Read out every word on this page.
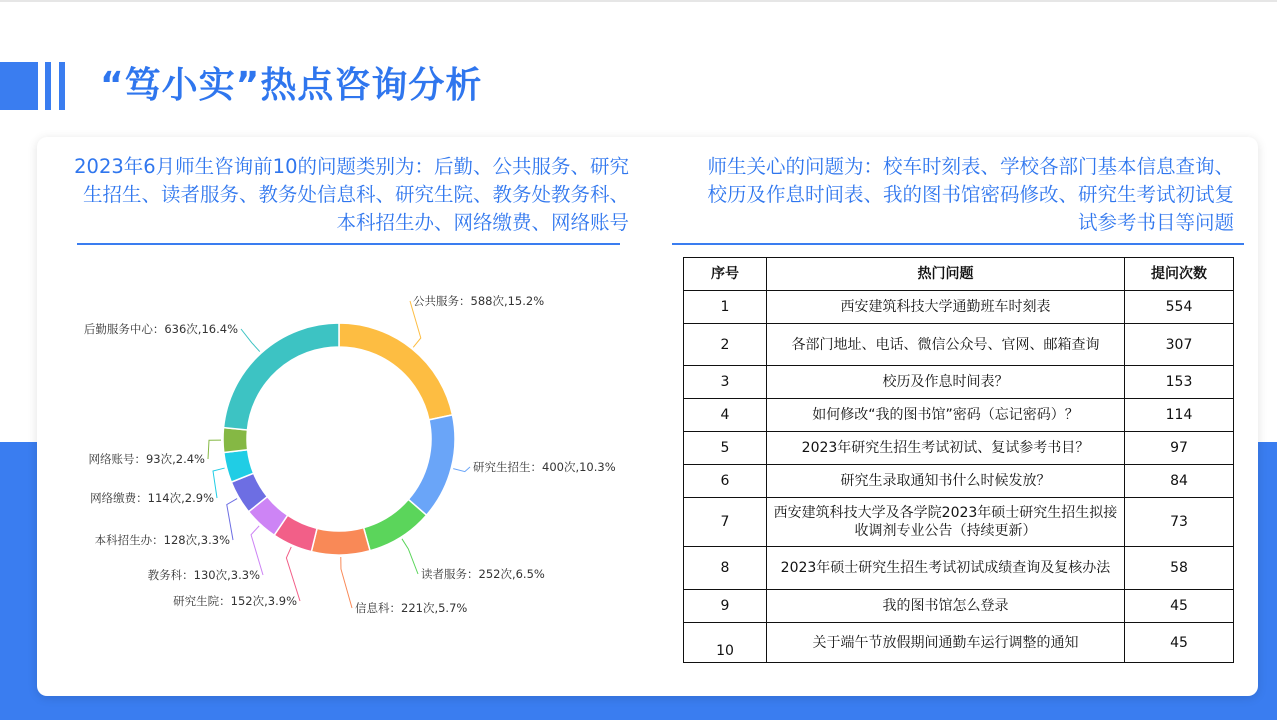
“笃小实”热点咨询分析
2023年6月师生咨询前10的问题类别为：后勤、公共服务、研究生招生、读者服务、教务处信息科、研究生院、教务处教务科、本科招生办、网络缴费、网络账号
师生关心的问题为：校车时刻表、学校各部门基本信息查询、校历及作息时间表、我的图书馆密码修改、研究生考试初试复试参考书目等问题
公共服务：588次,15.2%
研究生招生：400次,10.3%
读者服务：252次,6.5%
信息科：221次,5.7%
研究生院：152次,3.9%
教务科：130次,3.3%
本科招生办：128次,3.3%
网络缴费：114次,2.9%
网络账号：93次,2.4%
后勤服务中心：636次,16.4%
序号	热门问题	提问次数
1	西安建筑科技大学通勤班车时刻表	554
2	各部门地址、电话、微信公众号、官网、邮箱查询	307
3	校历及作息时间表？	153
4	如何修改“我的图书馆”密码（忘记密码）？	114
5	2023年研究生招生考试初试、复试参考书目？	97
6	研究生录取通知书什么时候发放？	84
7	西安建筑科技大学及各学院2023年硕士研究生招生拟接收调剂专业公告（持续更新）	73
8	2023年硕士研究生招生考试初试成绩查询及复核办法	58
9	我的图书馆怎么登录	45
10	关于端午节放假期间通勤车运行调整的通知	45
